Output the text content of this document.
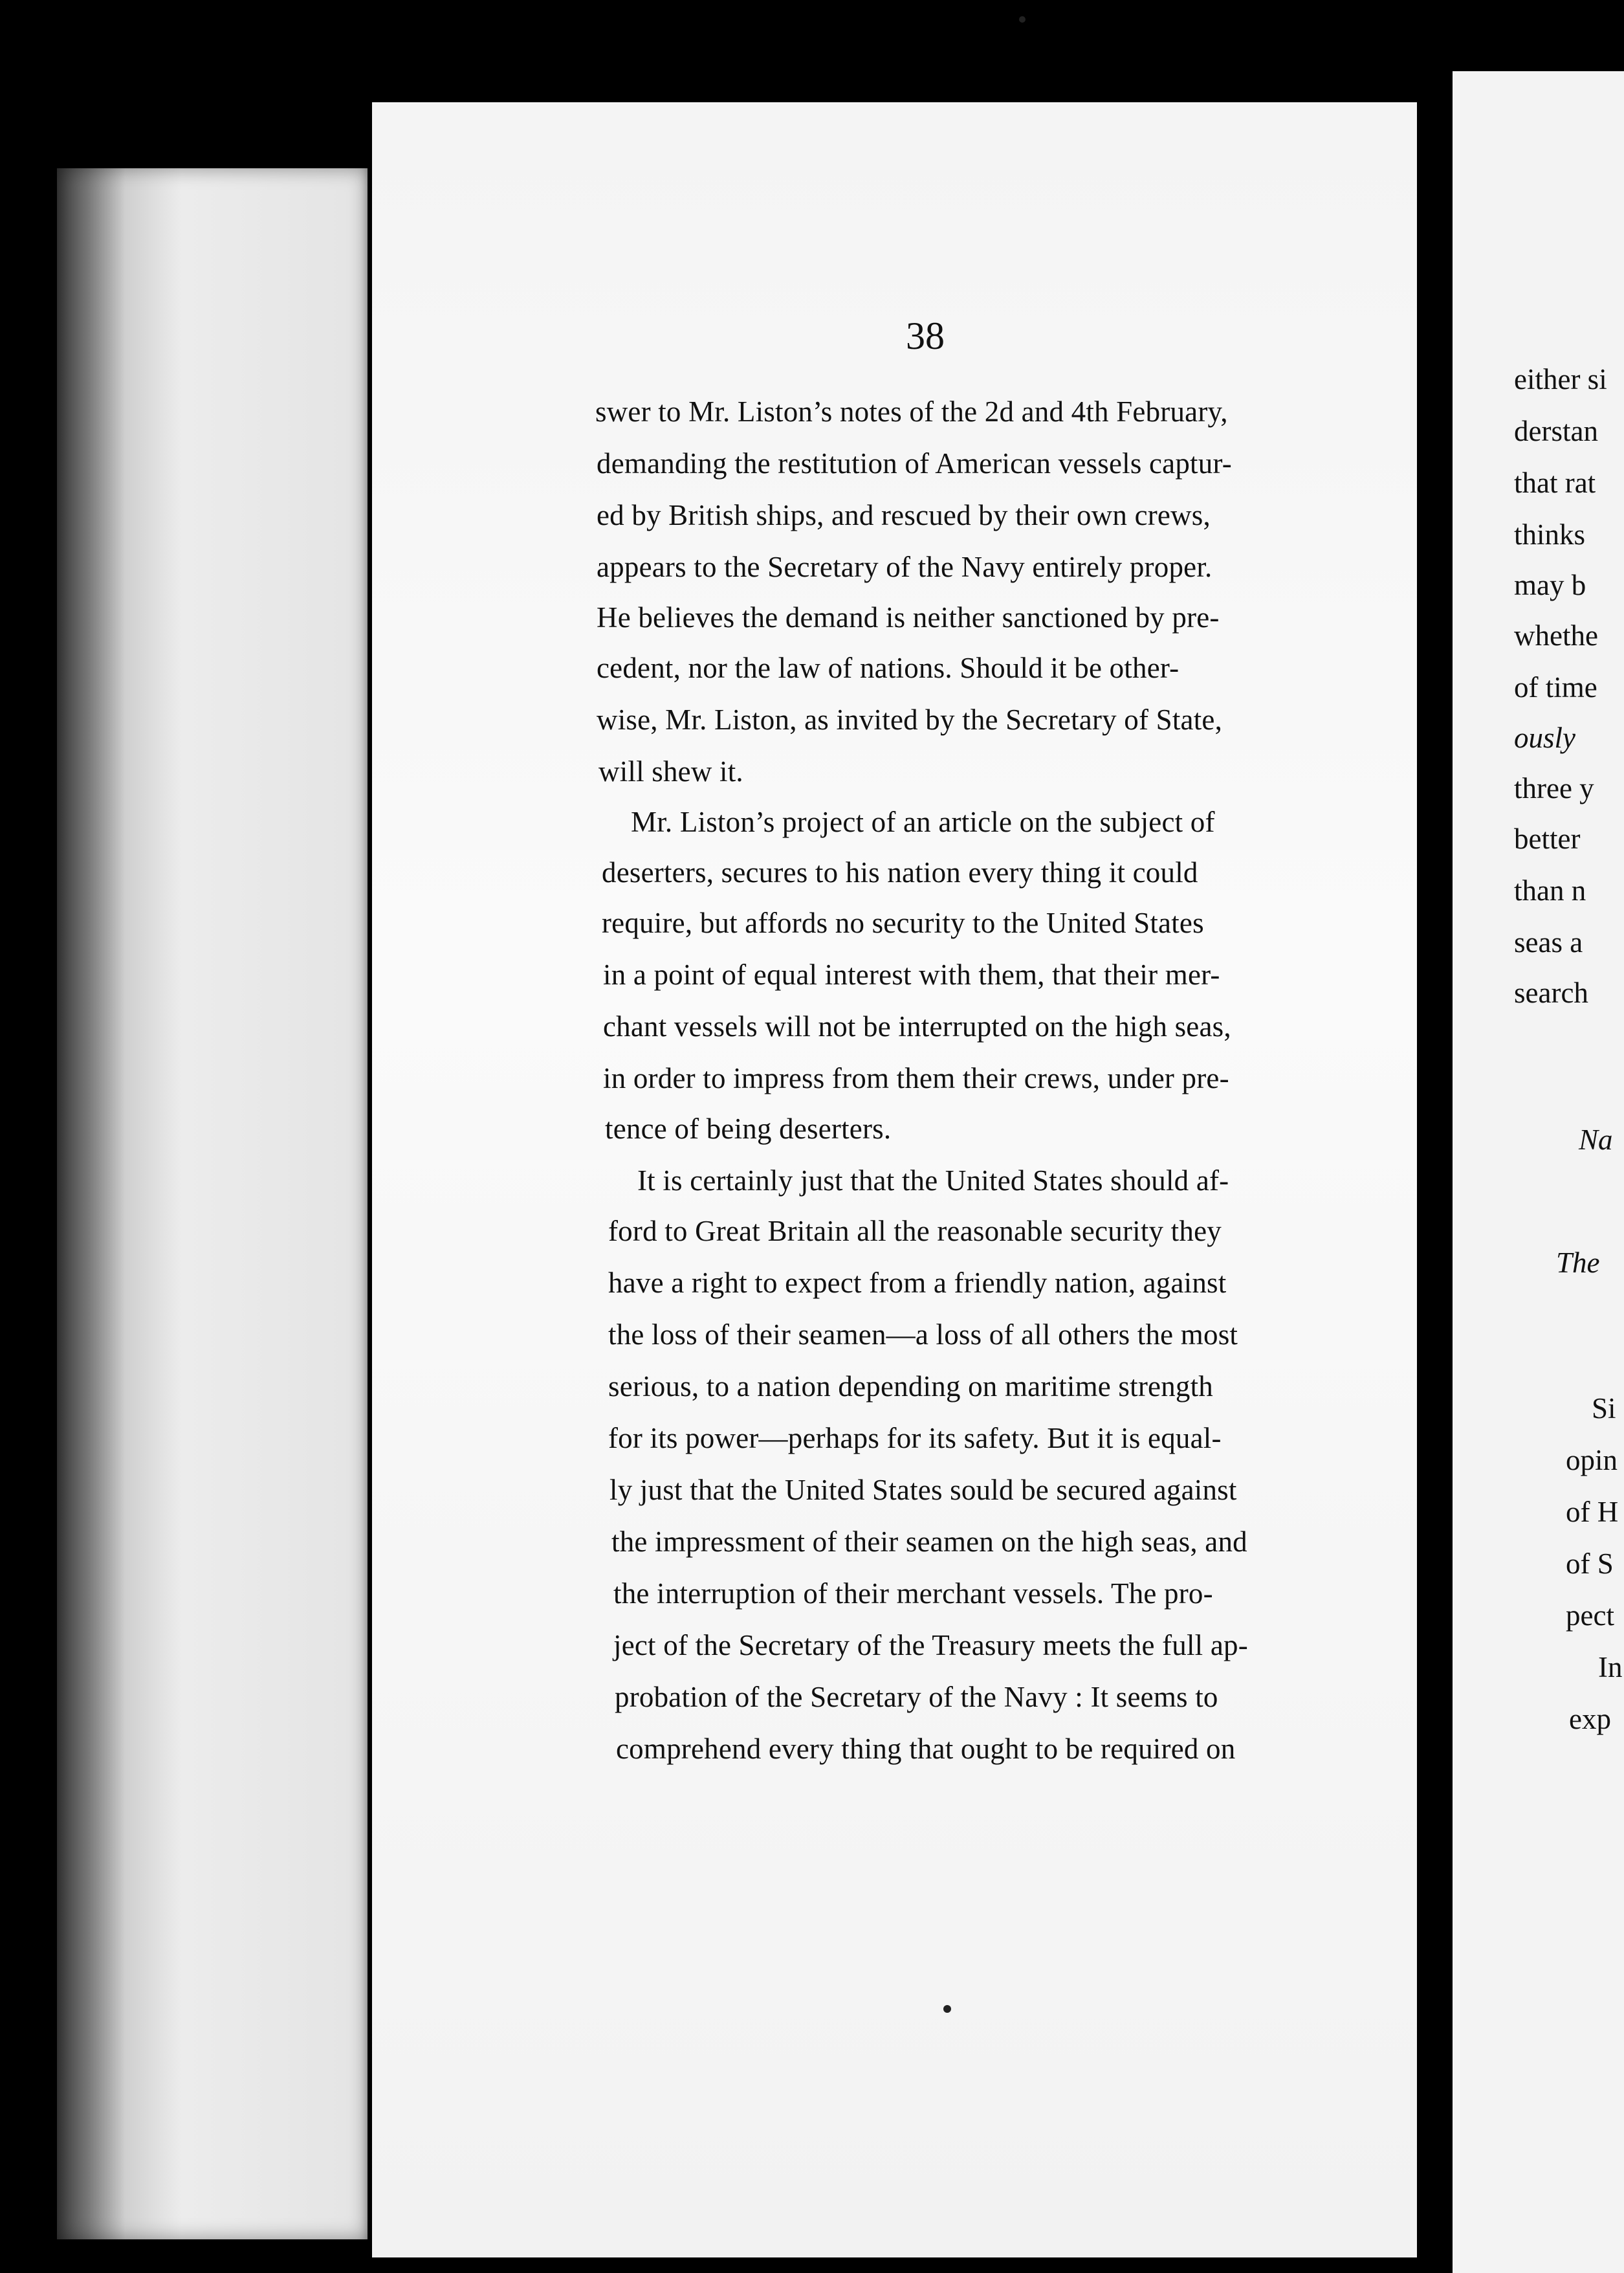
38
swer to Mr. Liston’s notes of the 2d and 4th February,
demanding the restitution of American vessels captur-
ed by British ships, and rescued by their own crews,
appears to the Secretary of the Navy entirely proper.
He believes the demand is neither sanctioned by pre-
cedent, nor the law of nations. Should it be other-
wise, Mr. Liston, as invited by the Secretary of State,
will shew it.
Mr. Liston’s project of an article on the subject of
deserters, secures to his nation every thing it could
require, but affords no security to the United States
in a point of equal interest with them, that their mer-
chant vessels will not be interrupted on the high seas,
in order to impress from them their crews, under pre-
tence of being deserters.
It is certainly just that the United States should af-
ford to Great Britain all the reasonable security they
have a right to expect from a friendly nation, against
the loss of their seamen—a loss of all others the most
serious, to a nation depending on maritime strength
for its power—perhaps for its safety. But it is equal-
ly just that the United States sould be secured against
the impressment of their seamen on the high seas, and
the interruption of their merchant vessels. The pro-
ject of the Secretary of the Treasury meets the full ap-
probation of the Secretary of the Navy : It seems to
comprehend every thing that ought to be required on
either si
derstan
that rat
thinks
may b
whethe
of time
ously
three y
better
than n
seas a
search
Na
The
Si
opin
of H
of S
pect
In
exp
